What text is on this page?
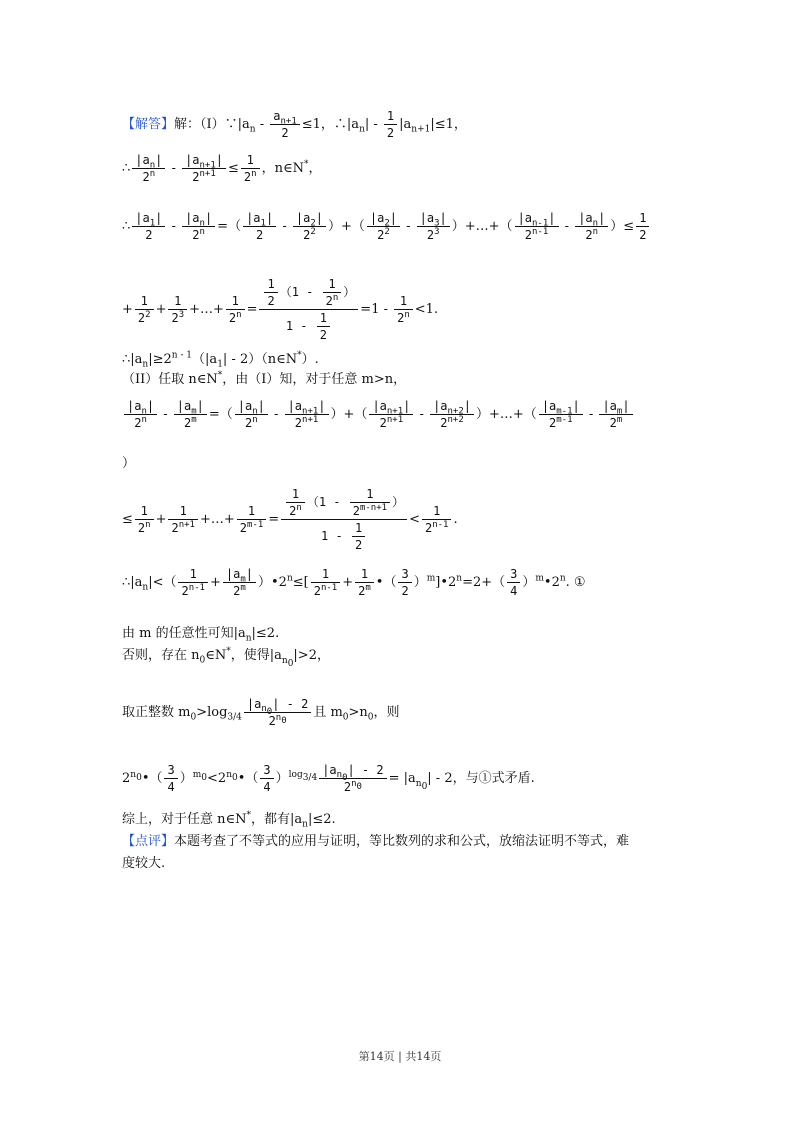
【解答】解：$(I)\because|a_n - \frac{a_{n+1}}{2} \le 1$，$\therefore|a_n| - \frac{1}{2} |a_{n+1}|\le 1$，
∴ $\frac{|a_n|}{2^n} - \frac{|a_{n+1}|}{2^{n+1}} \le \frac{1}{2^n}$ ，n∈N*，
∴ $\frac{|a_1|}{2} - \frac{|a_n|}{2^n}$ =（ $\frac{|a_1|}{2} - \frac{|a_2|}{2^2}$ ）+（ $\frac{|a_2|}{2^2} - \frac{|a_3|}{2^3}$ ）+…+（ $\frac{|a_{n-1}|}{2^{n-1}} - \frac{|a_n|}{2^n}$ ）≤ $\frac{1}{2}$
+ $\frac{1}{2^2} + \frac{1}{2^3}$ +…+ $\frac{1}{2^n} = \frac{\frac{1}{2} (1 - \frac{1}{2^n} )}{1 - \frac{1}{2}} =1 - \frac{1}{2^n} <1$.
$\therefore|a_n|\ge 2^{n - 1}(|a_1|$ - 2）（n∈N*）.
（II）任取 n∈N*，由（I）知，对于任意 m>n，
$\frac{|a_n|}{2^n} - \frac{|a_m|}{2^m}$ =（ $\frac{|a_n|}{2^n} - \frac{|a_{n+1}|}{2^{n+1}}$ ）+（ $\frac{|a_{n+1}|}{2^{n+1}} - \frac{|a_{n+2}|}{2^{n+2}}$ ）+…+（ $\frac{|a_{m-1}|}{2^{m-1}} - \frac{|a_m|}{2^m}$
）
≤ $\frac{1}{2^n} + \frac{1}{2^{n+1}}$ +…+ $\frac{1}{2^{m-1}} = \frac{\frac{1}{2^n} (1 - \frac{1}{2^{m-n+1}} )}{1 - \frac{1}{2}} < \frac{1}{2^{n-1}}$ .
$\therefore|a_n|<( \frac{1}{2^{n-1}} + \frac{|a_m|}{2^m}$ ）$•2^n\le[ \frac{1}{2^{n-1}} + \frac{1}{2^m}$ •（ $\frac{3}{2}$ ）$^m]•2^n=2+( \frac{3}{4}$ ）$^m$•2$^n$. ①
由 m 的任意性可知$|a_n|\le 2$.
否则，存在 $n_0\in N^*$，使得$|a_{n_0}|>2$，
取正整数 $m_0>\log_{3/4} \frac{|a_{n_0}| - 2}{2^{n_0}}$ 且 $m_0>n_0$，则
$2^{n_0}•( \frac{3}{4}$ ）$^{m_0}<2^{n_0}•( \frac{3}{4} )^{log_{3/4}} \frac{|a_{n_0}| - 2}{2^{n_0}} = |a_{n_0}| - 2$，与①式矛盾.
综上，对于任意 n∈N*，都有$|a_n|\le 2$.
【点评】本题考查了不等式的应用与证明，等比数列的求和公式，放缩法证明不等式，难
度较大.
第14页 | 共14页
